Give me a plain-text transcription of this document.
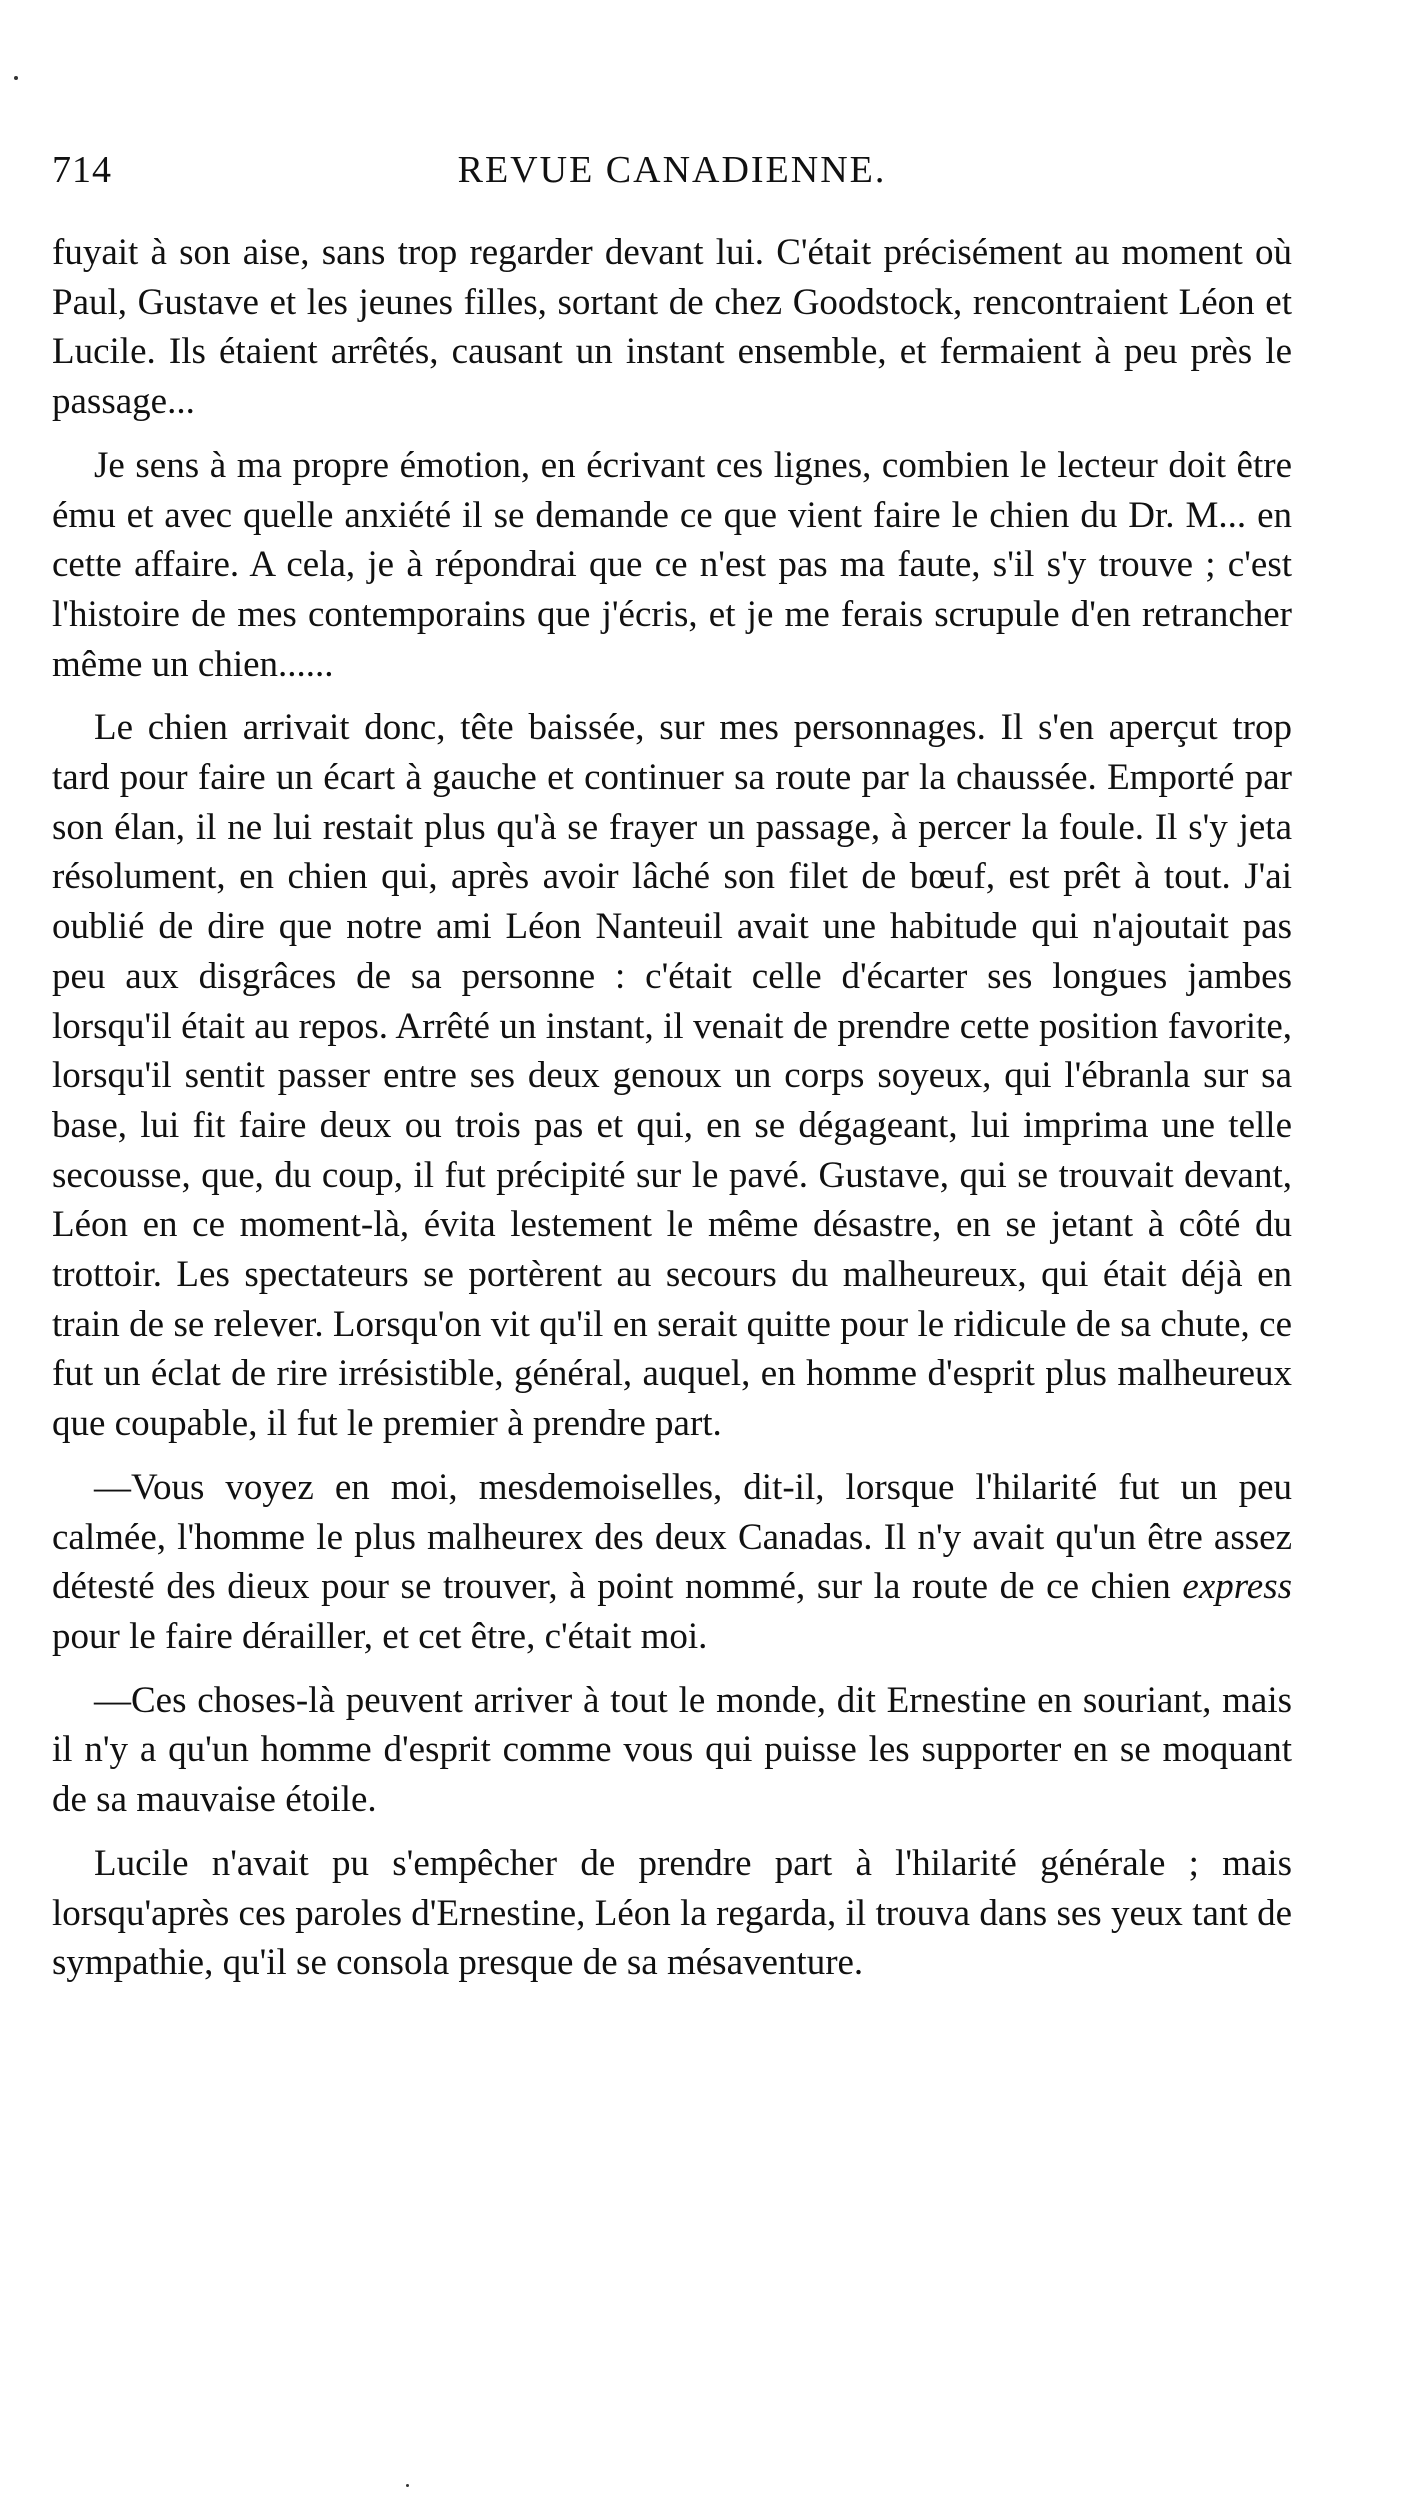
714	REVUE CANADIENNE.

fuyait à son aise, sans trop regarder devant lui. C'était précisément au moment où Paul, Gustave et les jeunes filles, sortant de chez Goodstock, rencontraient Léon et Lucile. Ils étaient arrêtés, causant un instant ensemble, et fermaient à peu près le passage...

Je sens à ma propre émotion, en écrivant ces lignes, combien le lecteur doit être ému et avec quelle anxiété il se demande ce que vient faire le chien du Dr. M... en cette affaire. A cela, je à répondrai que ce n'est pas ma faute, s'il s'y trouve ; c'est l'histoire de mes contemporains que j'écris, et je me ferais scrupule d'en retrancher même un chien......

Le chien arrivait donc, tête baissée, sur mes personnages. Il s'en aperçut trop tard pour faire un écart à gauche et continuer sa route par la chaussée. Emporté par son élan, il ne lui restait plus qu'à se frayer un passage, à percer la foule. Il s'y jeta résolument, en chien qui, après avoir lâché son filet de bœuf, est prêt à tout. J'ai oublié de dire que notre ami Léon Nanteuil avait une habitude qui n'ajoutait pas peu aux disgrâces de sa personne : c'était celle d'écarter ses longues jambes lorsqu'il était au repos. Arrêté un instant, il venait de prendre cette position favorite, lorsqu'il sentit passer entre ses deux genoux un corps soyeux, qui l'ébranla sur sa base, lui fit faire deux ou trois pas et qui, en se dégageant, lui imprima une telle secousse, que, du coup, il fut précipité sur le pavé. Gustave, qui se trouvait devant, Léon en ce moment-là, évita lestement le même désastre, en se jetant à côté du trottoir. Les spectateurs se portèrent au secours du malheureux, qui était déjà en train de se relever. Lorsqu'on vit qu'il en serait quitte pour le ridicule de sa chute, ce fut un éclat de rire irrésistible, général, auquel, en homme d'esprit plus malheureux que coupable, il fut le premier à prendre part.

—Vous voyez en moi, mesdemoiselles, dit-il, lorsque l'hilarité fut un peu calmée, l'homme le plus malheurex des deux Canadas. Il n'y avait qu'un être assez détesté des dieux pour se trouver, à point nommé, sur la route de ce chien express pour le faire dérailler, et cet être, c'était moi.

—Ces choses-là peuvent arriver à tout le monde, dit Ernestine en souriant, mais il n'y a qu'un homme d'esprit comme vous qui puisse les supporter en se moquant de sa mauvaise étoile.

Lucile n'avait pu s'empêcher de prendre part à l'hilarité générale ; mais lorsqu'après ces paroles d'Ernestine, Léon la regarda, il trouva dans ses yeux tant de sympathie, qu'il se consola presque de sa mésaventure.
